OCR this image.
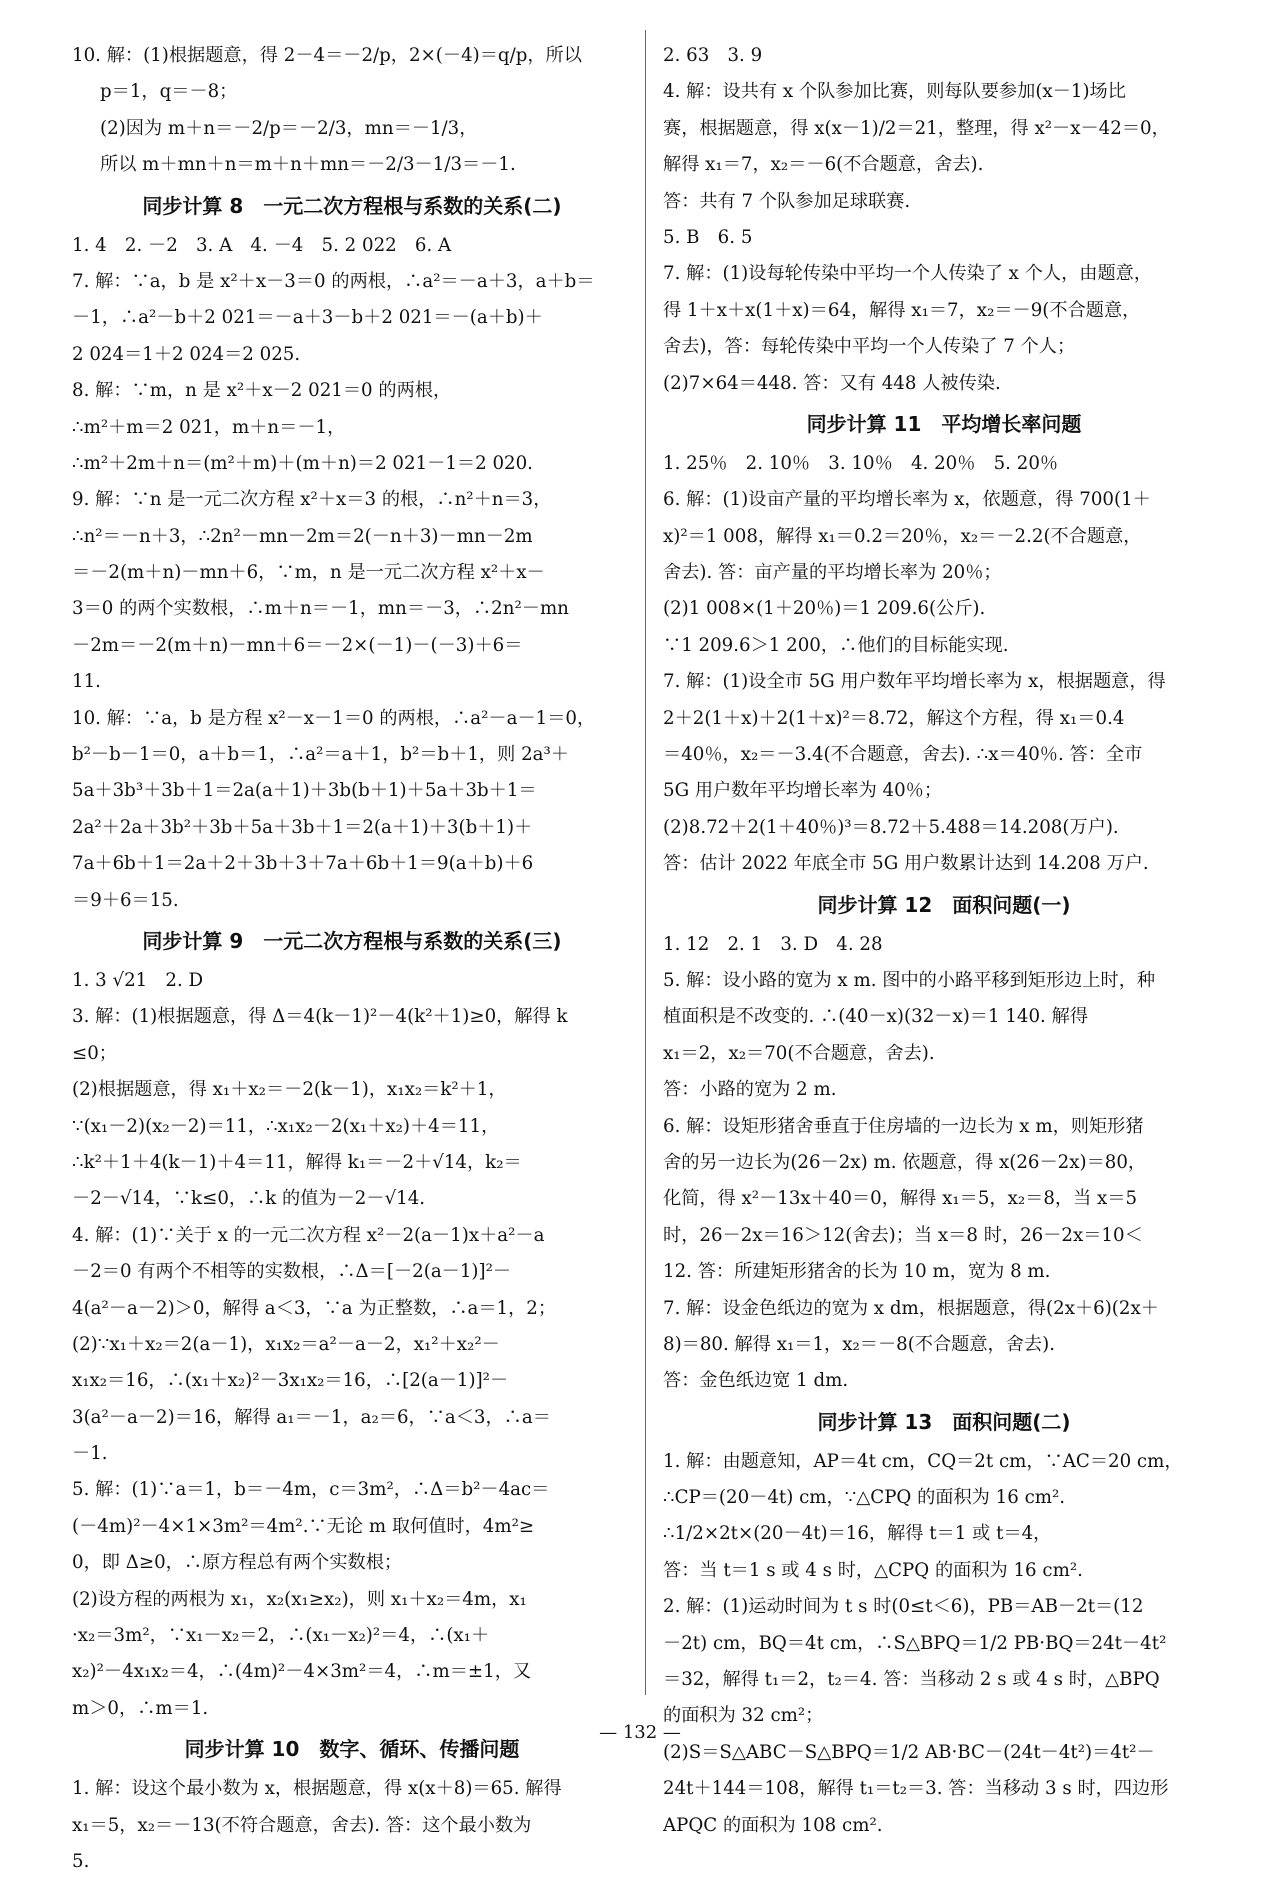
10. 解：(1)根据题意，得 2－4＝－2/p，2×(－4)＝q/p，所以
p＝1，q＝－8；
(2)因为 m＋n＝－2/p＝－2/3，mn＝－1/3，
所以 m＋mn＋n＝m＋n＋mn＝－2/3－1/3＝－1.
同步计算 8　一元二次方程根与系数的关系(二)
1. 4　2. －2　3. A　4. －4　5. 2 022　6. A
7. 解：∵a，b 是 x²＋x－3＝0 的两根，∴a²＝－a＋3，a＋b＝
－1，∴a²－b＋2 021＝－a＋3－b＋2 021＝－(a＋b)＋
2 024＝1＋2 024＝2 025.
8. 解：∵m，n 是 x²＋x－2 021＝0 的两根，
∴m²＋m＝2 021，m＋n＝－1，
∴m²＋2m＋n＝(m²＋m)＋(m＋n)＝2 021－1＝2 020.
9. 解：∵n 是一元二次方程 x²＋x＝3 的根，∴n²＋n＝3，
∴n²＝－n＋3，∴2n²－mn－2m＝2(－n＋3)－mn－2m
＝－2(m＋n)－mn＋6，∵m，n 是一元二次方程 x²＋x－
3＝0 的两个实数根，∴m＋n＝－1，mn＝－3，∴2n²－mn
－2m＝－2(m＋n)－mn＋6＝－2×(－1)－(－3)＋6＝
11.
10. 解：∵a，b 是方程 x²－x－1＝0 的两根，∴a²－a－1＝0，
b²－b－1＝0，a＋b＝1，∴a²＝a＋1，b²＝b＋1，则 2a³＋
5a＋3b³＋3b＋1＝2a(a＋1)＋3b(b＋1)＋5a＋3b＋1＝
2a²＋2a＋3b²＋3b＋5a＋3b＋1＝2(a＋1)＋3(b＋1)＋
7a＋6b＋1＝2a＋2＋3b＋3＋7a＋6b＋1＝9(a＋b)＋6
＝9＋6＝15.
同步计算 9　一元二次方程根与系数的关系(三)
1. 3 √21　2. D
3. 解：(1)根据题意，得 Δ＝4(k－1)²－4(k²＋1)≥0，解得 k
≤0；
(2)根据题意，得 x₁＋x₂＝－2(k－1)，x₁x₂＝k²＋1，
∵(x₁－2)(x₂－2)＝11，∴x₁x₂－2(x₁＋x₂)＋4＝11，
∴k²＋1＋4(k－1)＋4＝11，解得 k₁＝－2＋√14，k₂＝
－2－√14，∵k≤0，∴k 的值为－2－√14.
4. 解：(1)∵关于 x 的一元二次方程 x²－2(a－1)x＋a²－a
－2＝0 有两个不相等的实数根，∴Δ＝[－2(a－1)]²－
4(a²－a－2)＞0，解得 a＜3，∵a 为正整数，∴a＝1，2；
(2)∵x₁＋x₂＝2(a－1)，x₁x₂＝a²－a－2，x₁²＋x₂²－
x₁x₂＝16，∴(x₁＋x₂)²－3x₁x₂＝16，∴[2(a－1)]²－
3(a²－a－2)＝16，解得 a₁＝－1，a₂＝6，∵a＜3，∴a＝
－1.
5. 解：(1)∵a＝1，b＝－4m，c＝3m²，∴Δ＝b²－4ac＝
(－4m)²－4×1×3m²＝4m².∵无论 m 取何值时，4m²≥
0，即 Δ≥0，∴原方程总有两个实数根；
(2)设方程的两根为 x₁，x₂(x₁≥x₂)，则 x₁＋x₂＝4m，x₁
·x₂＝3m²，∵x₁－x₂＝2，∴(x₁－x₂)²＝4，∴(x₁＋
x₂)²－4x₁x₂＝4，∴(4m)²－4×3m²＝4，∴m＝±1，又
m＞0，∴m＝1.
同步计算 10　数字、循环、传播问题
1. 解：设这个最小数为 x，根据题意，得 x(x＋8)＝65. 解得
x₁＝5，x₂＝－13(不符合题意，舍去). 答：这个最小数为
5.
2. 63　3. 9
4. 解：设共有 x 个队参加比赛，则每队要参加(x－1)场比
赛，根据题意，得 x(x－1)/2＝21，整理，得 x²－x－42＝0，
解得 x₁＝7，x₂＝－6(不合题意，舍去).
答：共有 7 个队参加足球联赛.
5. B　6. 5
7. 解：(1)设每轮传染中平均一个人传染了 x 个人，由题意，
得 1＋x＋x(1＋x)＝64，解得 x₁＝7，x₂＝－9(不合题意，
舍去)，答：每轮传染中平均一个人传染了 7 个人；
(2)7×64＝448. 答：又有 448 人被传染.
同步计算 11　平均增长率问题
1. 25％　2. 10％　3. 10％　4. 20％　5. 20％
6. 解：(1)设亩产量的平均增长率为 x，依题意，得 700(1＋
x)²＝1 008，解得 x₁＝0.2＝20％，x₂＝－2.2(不合题意，
舍去). 答：亩产量的平均增长率为 20％；
(2)1 008×(1＋20％)＝1 209.6(公斤).
∵1 209.6＞1 200，∴他们的目标能实现.
7. 解：(1)设全市 5G 用户数年平均增长率为 x，根据题意，得
2＋2(1＋x)＋2(1＋x)²＝8.72，解这个方程，得 x₁＝0.4
＝40％，x₂＝－3.4(不合题意，舍去). ∴x＝40％. 答：全市
5G 用户数年平均增长率为 40％；
(2)8.72＋2(1＋40％)³＝8.72＋5.488＝14.208(万户).
答：估计 2022 年底全市 5G 用户数累计达到 14.208 万户.
同步计算 12　面积问题(一)
1. 12　2. 1　3. D　4. 28
5. 解：设小路的宽为 x m. 图中的小路平移到矩形边上时，种
植面积是不改变的. ∴(40－x)(32－x)＝1 140. 解得
x₁＝2，x₂＝70(不合题意，舍去).
答：小路的宽为 2 m.
6. 解：设矩形猪舍垂直于住房墙的一边长为 x m，则矩形猪
舍的另一边长为(26－2x) m. 依题意，得 x(26－2x)＝80，
化简，得 x²－13x＋40＝0，解得 x₁＝5，x₂＝8，当 x＝5
时，26－2x＝16＞12(舍去)；当 x＝8 时，26－2x＝10＜
12. 答：所建矩形猪舍的长为 10 m，宽为 8 m.
7. 解：设金色纸边的宽为 x dm，根据题意，得(2x＋6)(2x＋
8)＝80. 解得 x₁＝1，x₂＝－8(不合题意，舍去).
答：金色纸边宽 1 dm.
同步计算 13　面积问题(二)
1. 解：由题意知，AP＝4t cm，CQ＝2t cm，∵AC＝20 cm，
∴CP＝(20－4t) cm，∵△CPQ 的面积为 16 cm².
∴1/2×2t×(20－4t)＝16，解得 t＝1 或 t＝4，
答：当 t＝1 s 或 4 s 时，△CPQ 的面积为 16 cm².
2. 解：(1)运动时间为 t s 时(0≤t＜6)，PB＝AB－2t＝(12
－2t) cm，BQ＝4t cm，∴S△BPQ＝1/2 PB·BQ＝24t－4t²
＝32，解得 t₁＝2，t₂＝4. 答：当移动 2 s 或 4 s 时，△BPQ
的面积为 32 cm²；
(2)S＝S△ABC－S△BPQ＝1/2 AB·BC－(24t－4t²)＝4t²－
24t＋144＝108，解得 t₁＝t₂＝3. 答：当移动 3 s 时，四边形
APQC 的面积为 108 cm².
— 132 —
